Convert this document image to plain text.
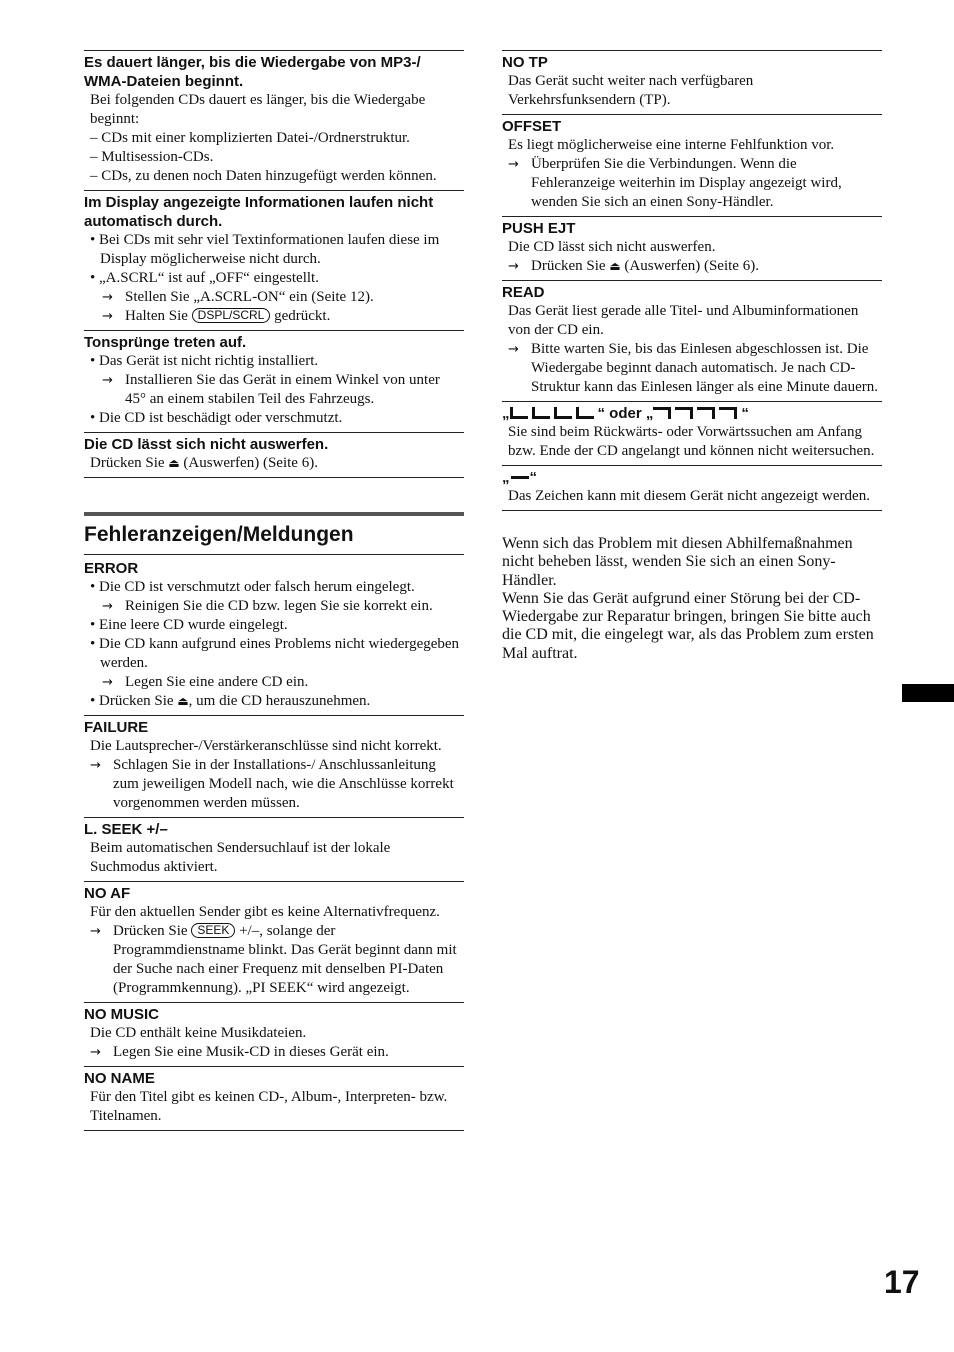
Es dauert länger, bis die Wiedergabe von MP3-/ WMA-Dateien beginnt.
Bei folgenden CDs dauert es länger, bis die Wiedergabe beginnt:
– CDs mit einer komplizierten Datei-/Ordnerstruktur.
– Multisession-CDs.
– CDs, zu denen noch Daten hinzugefügt werden können.
Im Display angezeigte Informationen laufen nicht automatisch durch.
• Bei CDs mit sehr viel Textinformationen laufen diese im Display möglicherweise nicht durch.
• „A.SCRL“ ist auf „OFF“ eingestellt.
→ Stellen Sie „A.SCRL-ON“ ein (Seite 12).
→ Halten Sie DSPL/SCRL gedrückt.
Tonsprünge treten auf.
• Das Gerät ist nicht richtig installiert.
→ Installieren Sie das Gerät in einem Winkel von unter 45° an einem stabilen Teil des Fahrzeugs.
• Die CD ist beschädigt oder verschmutzt.
Die CD lässt sich nicht auswerfen.
Drücken Sie ⏏ (Auswerfen) (Seite 6).
Fehleranzeigen/Meldungen
ERROR
• Die CD ist verschmutzt oder falsch herum eingelegt.
→ Reinigen Sie die CD bzw. legen Sie sie korrekt ein.
• Eine leere CD wurde eingelegt.
• Die CD kann aufgrund eines Problems nicht wiedergegeben werden.
→ Legen Sie eine andere CD ein.
• Drücken Sie ⏏, um die CD herauszunehmen.
FAILURE
Die Lautsprecher-/Verstärkeranschlüsse sind nicht korrekt.
→ Schlagen Sie in der Installations-/ Anschlussanleitung zum jeweiligen Modell nach, wie die Anschlüsse korrekt vorgenommen werden müssen.
L. SEEK +/–
Beim automatischen Sendersuchlauf ist der lokale Suchmodus aktiviert.
NO AF
Für den aktuellen Sender gibt es keine Alternativfrequenz.
→ Drücken Sie SEEK +/–, solange der Programmdienstname blinkt. Das Gerät beginnt dann mit der Suche nach einer Frequenz mit denselben PI-Daten (Programmkennung). „PI SEEK“ wird angezeigt.
NO MUSIC
Die CD enthält keine Musikdateien.
→ Legen Sie eine Musik-CD in dieses Gerät ein.
NO NAME
Für den Titel gibt es keinen CD-, Album-, Interpreten- bzw. Titelnamen.
NO TP
Das Gerät sucht weiter nach verfügbaren Verkehrsfunksendern (TP).
OFFSET
Es liegt möglicherweise eine interne Fehlfunktion vor.
→ Überprüfen Sie die Verbindungen. Wenn die Fehleranzeige weiterhin im Display angezeigt wird, wenden Sie sich an einen Sony-Händler.
PUSH EJT
Die CD lässt sich nicht auswerfen.
→ Drücken Sie ⏏ (Auswerfen) (Seite 6).
READ
Das Gerät liest gerade alle Titel- und Albuminformationen von der CD ein.
→ Bitte warten Sie, bis das Einlesen abgeschlossen ist. Die Wiedergabe beginnt danach automatisch. Je nach CD-Struktur kann das Einlesen länger als eine Minute dauern.
„	“ oder „	“
Sie sind beim Rückwärts- oder Vorwärtssuchen am Anfang bzw. Ende der CD angelangt und können nicht weitersuchen.
„ “
Das Zeichen kann mit diesem Gerät nicht angezeigt werden.
Wenn sich das Problem mit diesen Abhilfemaßnahmen nicht beheben lässt, wenden Sie sich an einen Sony-Händler.
Wenn Sie das Gerät aufgrund einer Störung bei der CD-Wiedergabe zur Reparatur bringen, bringen Sie bitte auch die CD mit, die eingelegt war, als das Problem zum ersten Mal auftrat.
17
